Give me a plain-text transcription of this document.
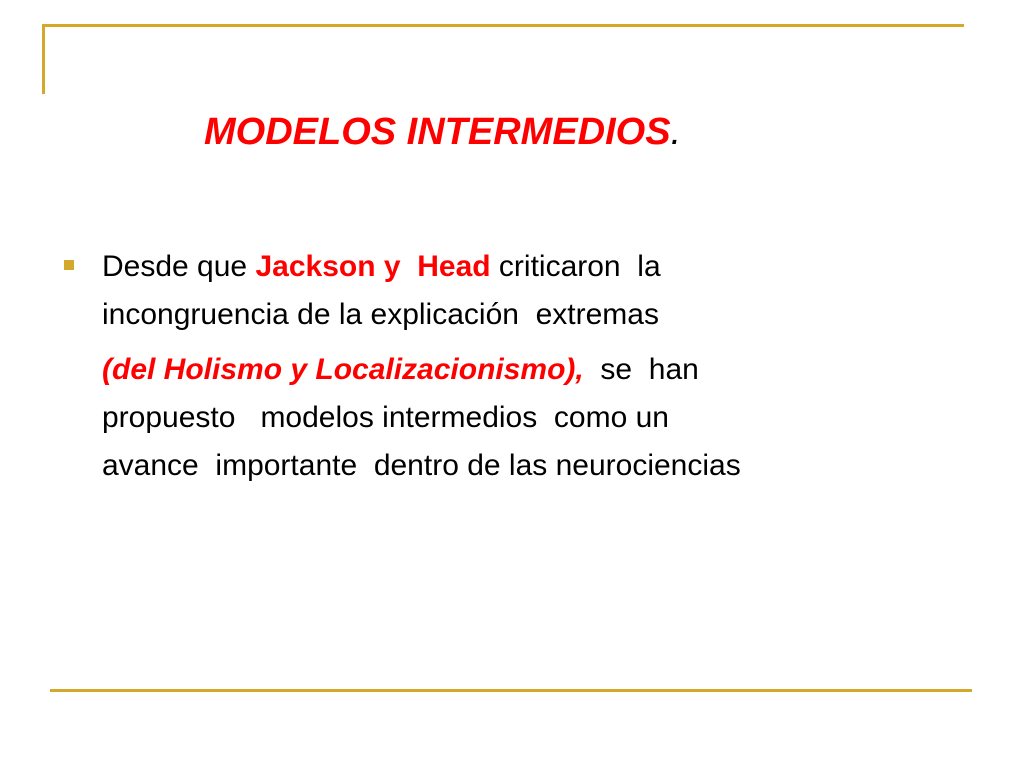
MODELOS INTERMEDIOS.

Desde que Jackson y  Head criticaron  la
incongruencia de la explicación  extremas

(del Holismo y Localizacionismo),  se  han
propuesto   modelos intermedios  como un
avance  importante  dentro de las neurociencias
